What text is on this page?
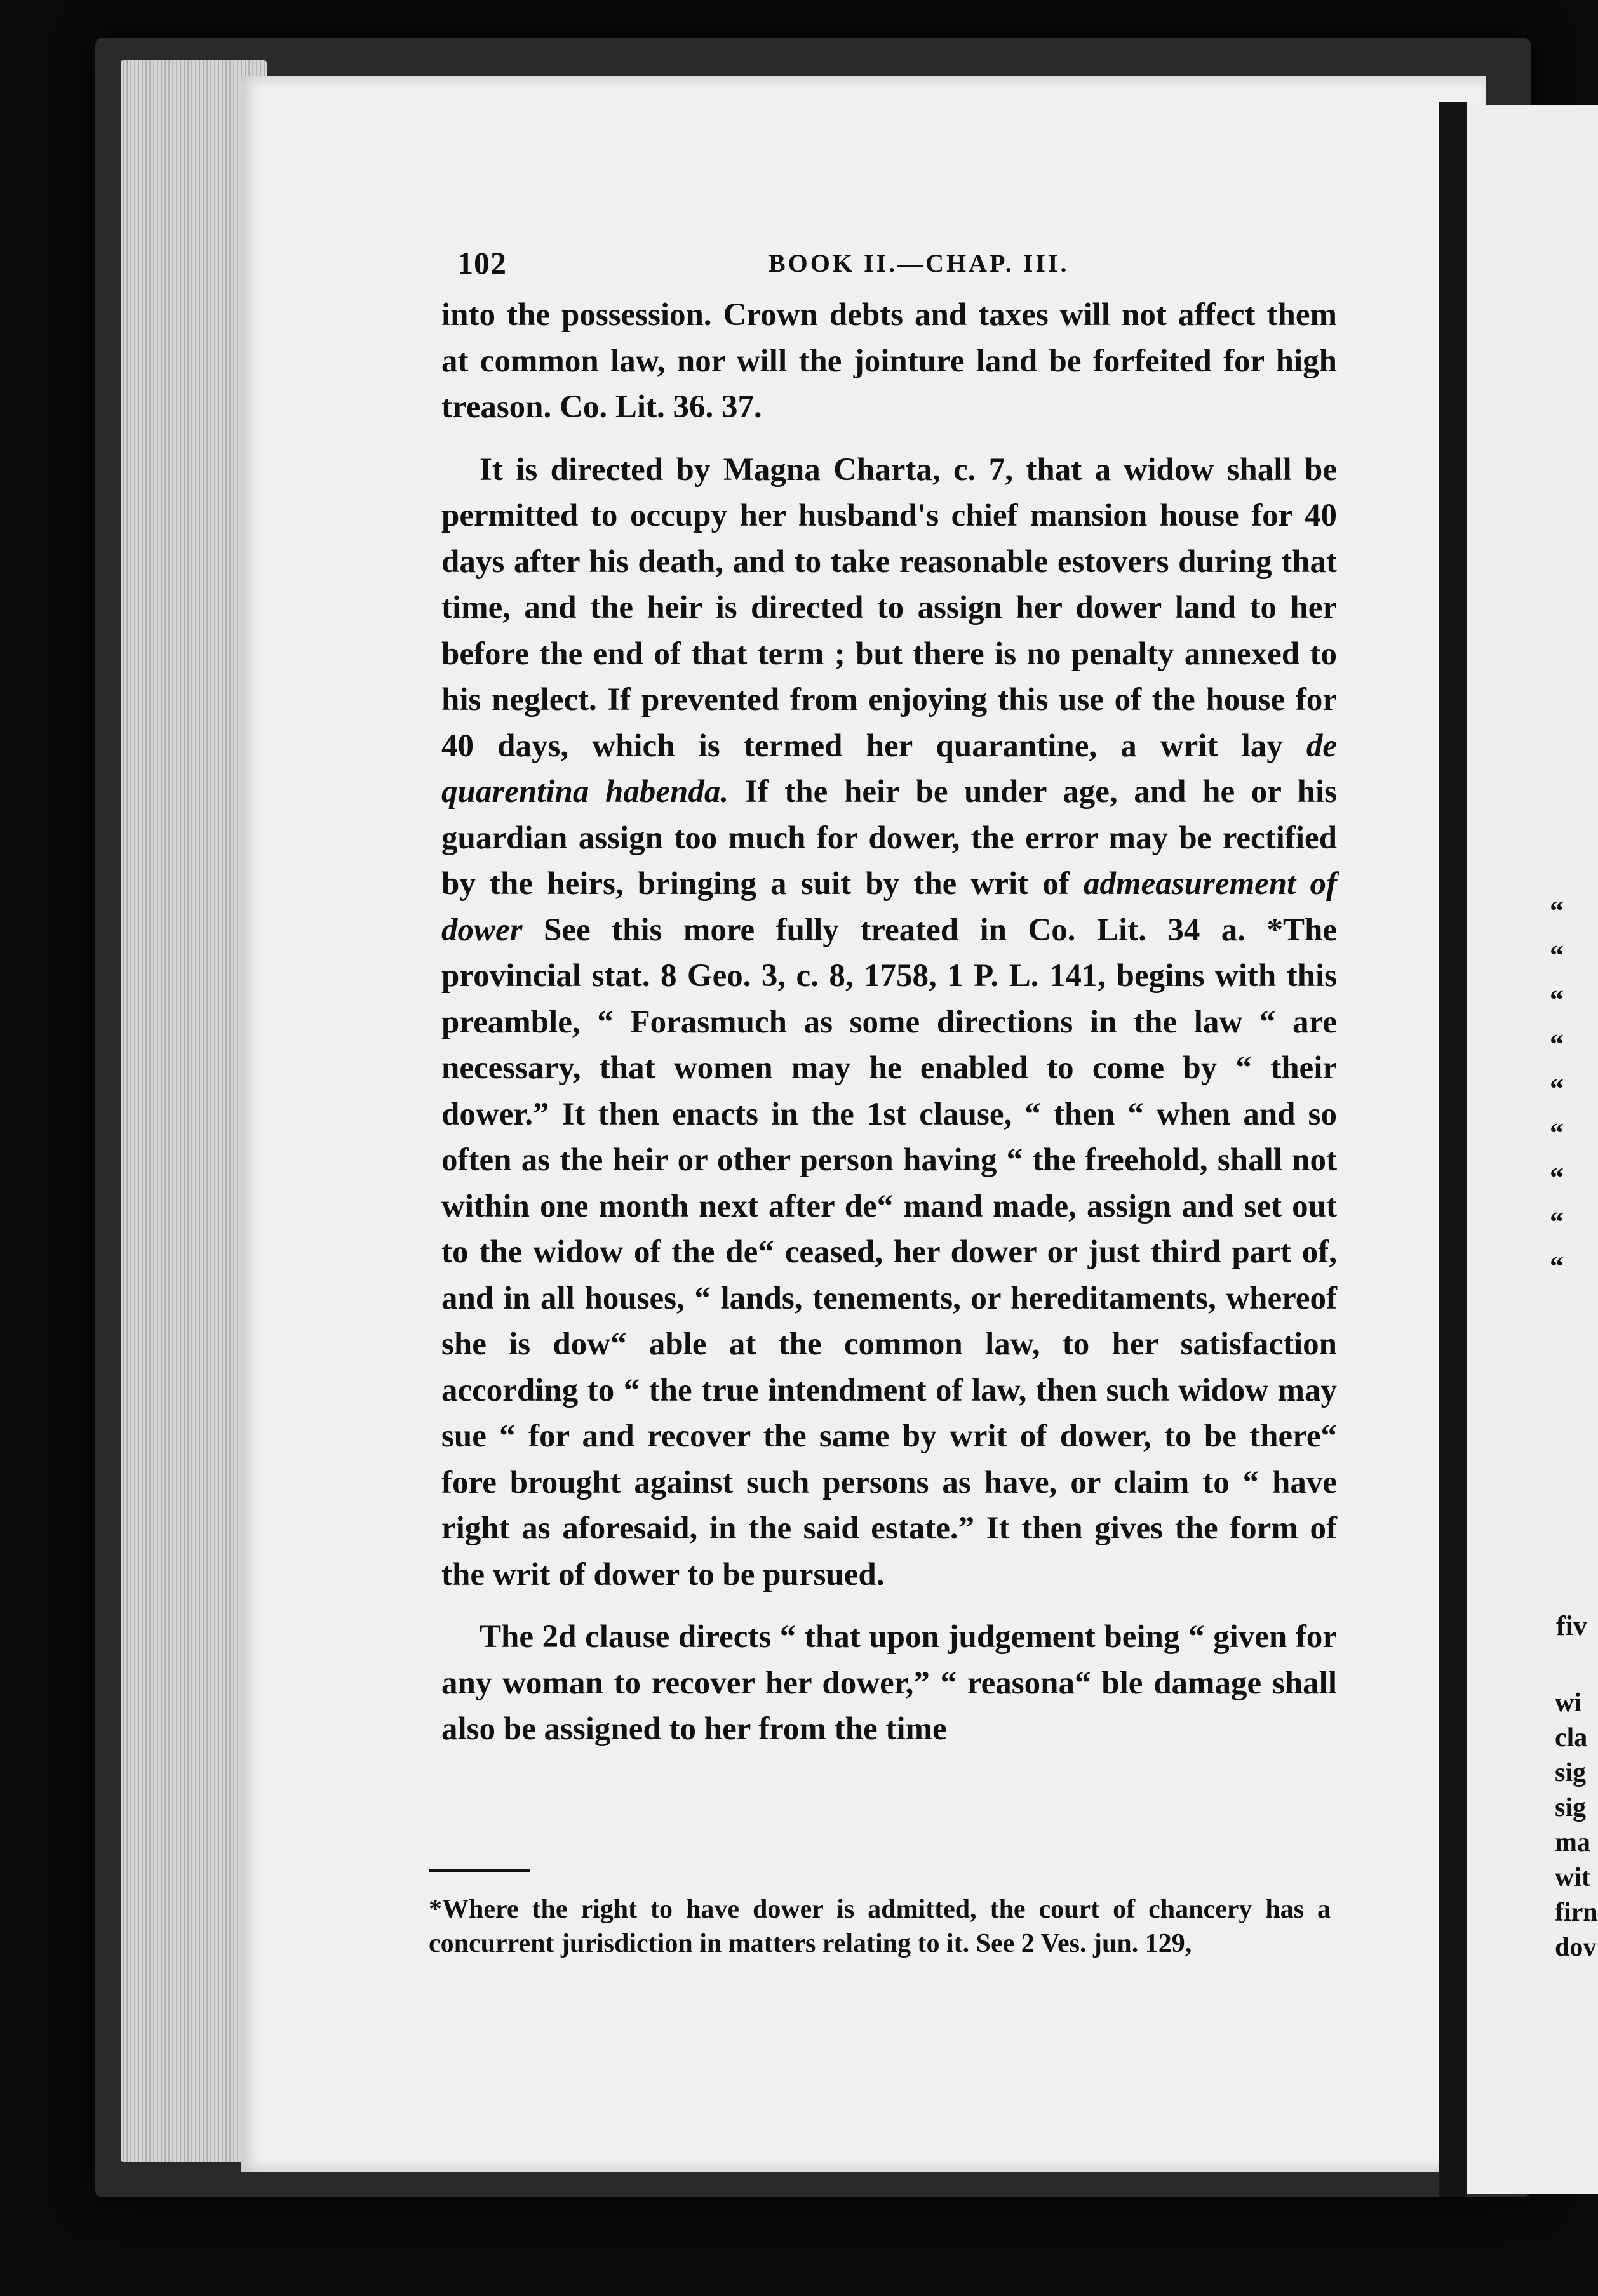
102	BOOK II.—CHAP. III.

into the possession. Crown debts and taxes will not affect them at common law, nor will the jointure land be forfeited for high treason. Co. Lit. 36. 37.

It is directed by Magna Charta, c. 7, that a widow shall be permitted to occupy her husband's chief mansion house for 40 days after his death, and to take reasonable estovers during that time, and the heir is directed to assign her dower land to her before the end of that term ; but there is no penalty annexed to his neglect. If prevented from enjoying this use of the house for 40 days, which is termed her quarantine, a writ lay de quarentina habenda. If the heir be under age, and he or his guardian assign too much for dower, the error may be rectified by the heirs, bringing a suit by the writ of admeasurement of dower See this more fully treated in Co. Lit. 34 a. *The provincial stat. 8 Geo. 3, c. 8, 1758, 1 P. L. 141, begins with this preamble, “ Forasmuch as some directions in the law “ are necessary, that women may he enabled to come by “ their dower.” It then enacts in the 1st clause, “ then “ when and so often as the heir or other person having “ the freehold, shall not within one month next after de“ mand made, assign and set out to the widow of the de“ ceased, her dower or just third part of, and in all houses, “ lands, tenements, or hereditaments, whereof she is dow“ able at the common law, to her satisfaction according to “ the true intendment of law, then such widow may sue “ for and recover the same by writ of dower, to be there“ fore brought against such persons as have, or claim to “ have right as aforesaid, in the said estate.” It then gives the form of the writ of dower to be pursued.

The 2d clause directs “ that upon judgement being “ given for any woman to recover her dower,” “ reasona“ ble damage shall also be assigned to her from the time

*Where the right to have dower is admitted, the court of chancery has a concurrent jurisdiction in matters relating to it. See 2 Ves. jun. 129,

“
“
“
“
“
“
“
“
“
fiv
wi
cla
sig
sig
ma
wit
firn
dov
